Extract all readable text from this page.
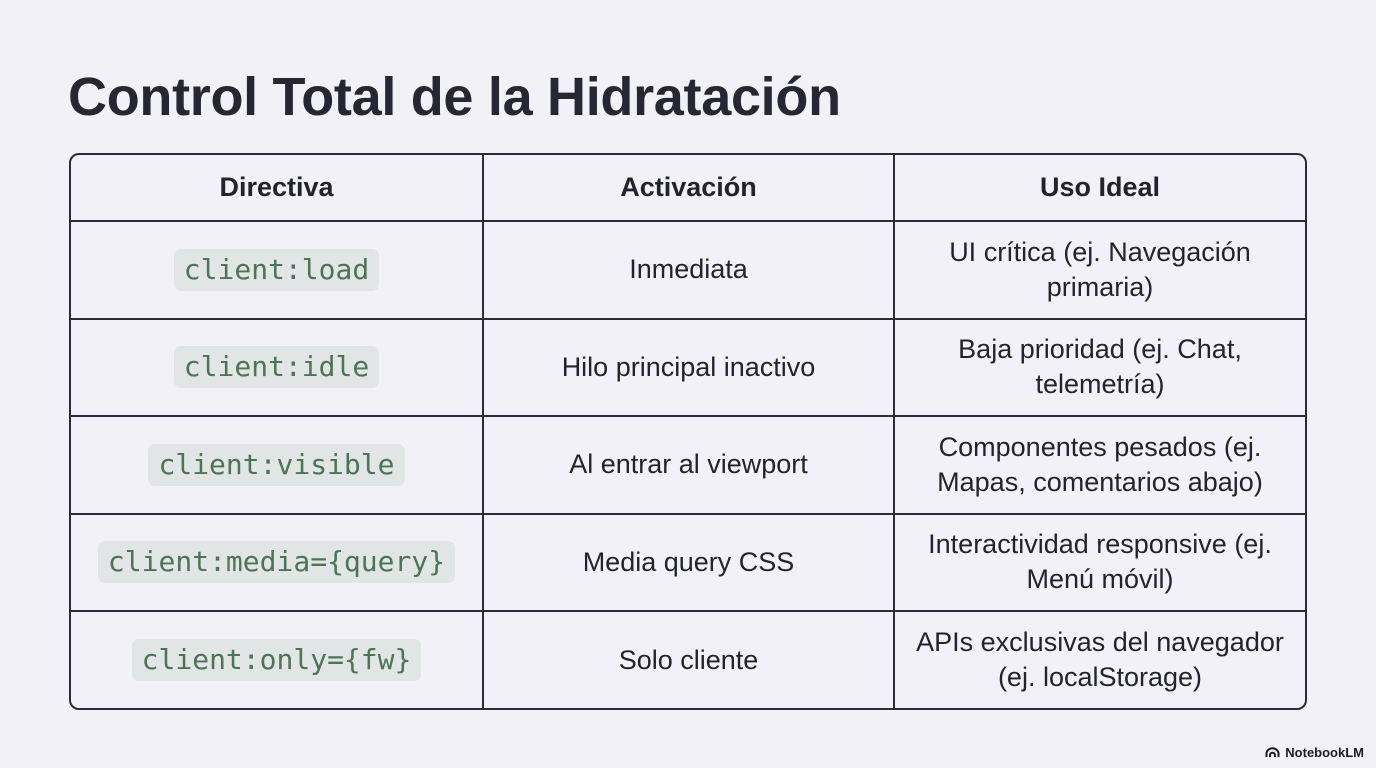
Control Total de la Hidratación
Directiva	Activación	Uso Ideal
client:load	Inmediata	UI crítica (ej. Navegación primaria)
client:idle	Hilo principal inactivo	Baja prioridad (ej. Chat, telemetría)
client:visible	Al entrar al viewport	Componentes pesados (ej. Mapas, comentarios abajo)
client:media={query}	Media query CSS	Interactividad responsive (ej. Menú móvil)
client:only={fw}	Solo cliente	APIs exclusivas del navegador (ej. localStorage)
NotebookLM
